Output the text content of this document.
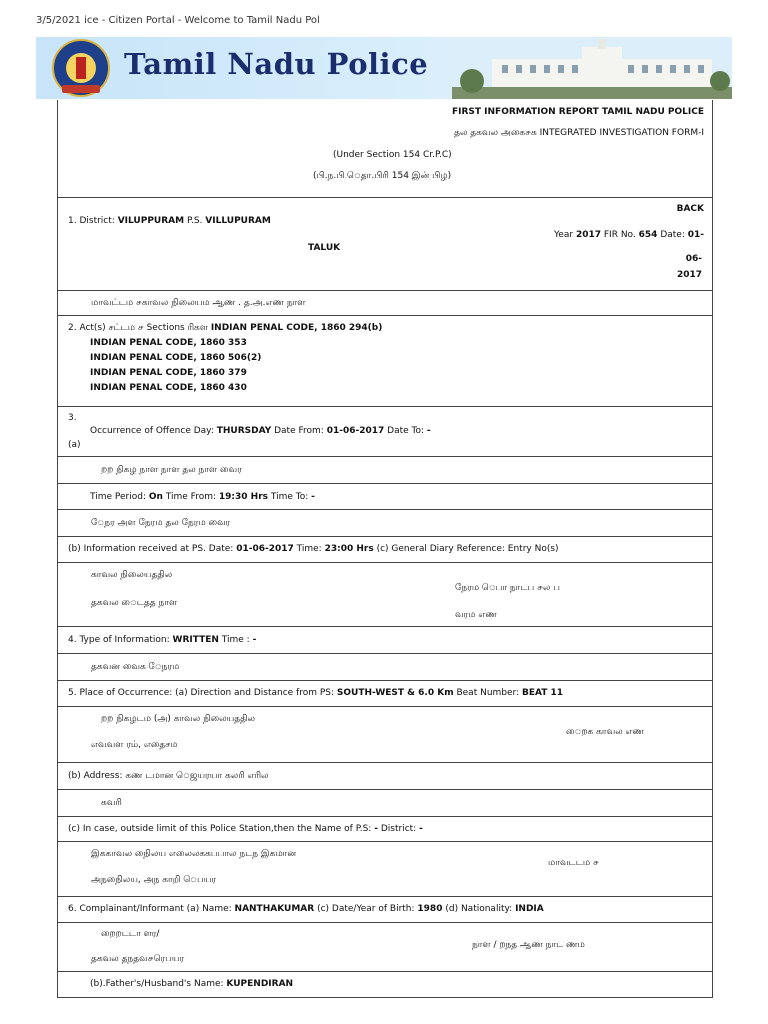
3/5/2021 ice - Citizen Portal - Welcome to Tamil Nadu Pol
Tamil Nadu Police
FIRST INFORMATION REPORT TAMIL NADU POLICE
தல தகவல அகை௪க INTEGRATED INVESTIGATION FORM-I
(Under Section 154 Cr.P.C)
(பி.ந.பி.ெதா.பிரி 154 இன் பிழ)
BACK
1. District: VILUPPURAM P.S. VILLUPURAM
Year 2017 FIR No. 654 Date: 01-
TALUK
06-
2017
மாவட்டம ௪காவல நிலையம ஆண . த.அ.எண நாள
2. Act(s) சட்டம ௪ Sections ரிகள INDIAN PENAL CODE, 1860 294(b)
INDIAN PENAL CODE, 1860 353
INDIAN PENAL CODE, 1860 506(2)
INDIAN PENAL CODE, 1860 379
INDIAN PENAL CODE, 1860 430
3.
Occurrence of Offence Day: THURSDAY Date From: 01-06-2017 Date To: -
(a)
றற நிகழ நாள நாள தல நாள வைர
Time Period: On Time From: 19:30 Hrs Time To: -
ேநர அள நேரம தல நேரம வைர
(b) Information received at PS. Date: 01-06-2017 Time: 23:00 Hrs (c) General Diary Reference: Entry No(s)
காவல நிலையததில
தகவல ைடதத நாள
நேரம ெபா நாடப ௪ல ப
வரம எண
4. Type of Information: WRITTEN Time : -
தகவன வைக ேநரம
5. Place of Occurrence: (a) Direction and Distance from PS: SOUTH-WEST & 6.0 Km Beat Number: BEAT 11
றற நிகழடம (அ) காவல நிலையததில
எவவள ரம், எதைசம
ைறக காவல எண
(b) Address: கண டமான ெஜயரயா கலரி எரில
கவரி
(c) In case, outside limit of this Police Station,then the Name of P.S: - District: -
இககாவல நிைலய எலைலககபபால நடந இகமான
அநநிைலய, அந காறி ெபயர
மாவடடம ௪
6. Complainant/Informant (a) Name: NANTHAKUMAR (c) Date/Year of Birth: 1980 (d) Nationality: INDIA
றைறடடா ளர/
தகவல தநதவ௪ரெபயர
நாள / றநத ஆண நாட ணம
(b).Father's/Husband's Name: KUPENDIRAN
